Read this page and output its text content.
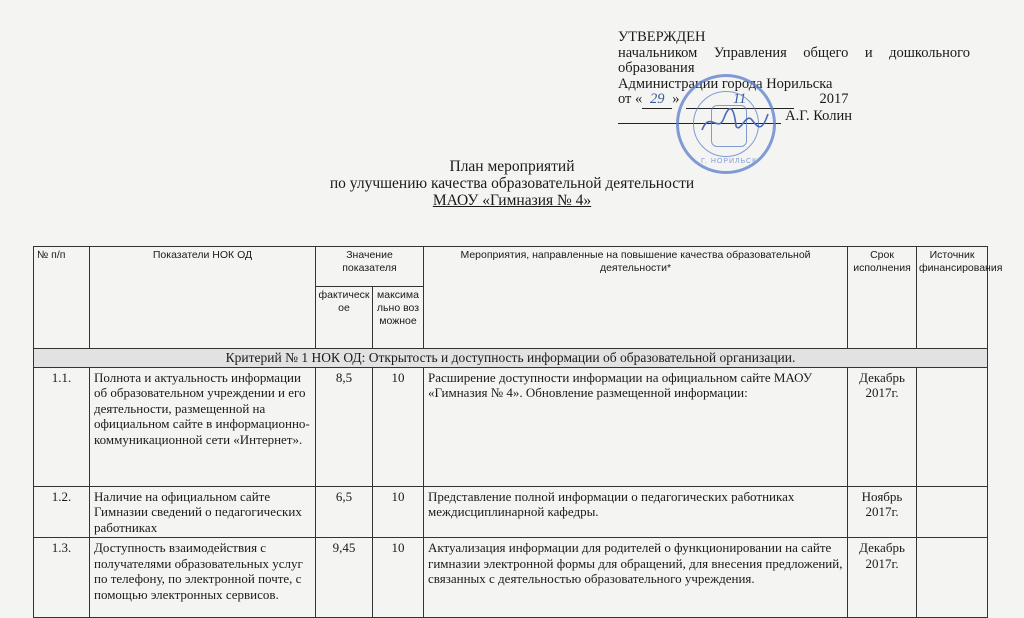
УТВЕРЖДЕН
начальником Управления общего и дошкольного
образования
Администрации города Норильска
от « 29 »	11	2017
А.Г. Колин
Г. НОРИЛЬСК
План мероприятий
по улучшению качества образовательной деятельности
МАОУ «Гимназия № 4»
№ п/п	Показатели НОК ОД	Значение показателя		Мероприятия, направленные на повышение качества образовательной деятельности*	Срок исполнения	Источник финансирования
		фактическое	максимально возможное			
Критерий № 1 НОК ОД: Открытость и доступность информации об образовательной организации.						
1.1.	Полнота и актуальность информации об образовательном учреждении и его деятельности, размещенной на официальном сайте в информационно-коммуникационной сети «Интернет».	8,5	10	Расширение доступности информации на официальном сайте МАОУ «Гимназия № 4». Обновление размещенной информации:	Декабрь 2017г.	
1.2.	Наличие на официальном сайте Гимназии сведений о педагогических работниках	6,5	10	Представление полной информации о педагогических работниках междисциплинарной кафедры.	Ноябрь 2017г.	
1.3.	Доступность взаимодействия с получателями образовательных услуг по телефону, по электронной почте, с помощью электронных сервисов.	9,45	10	Актуализация информации для родителей о функционировании на сайте гимназии электронной формы для обращений, для внесения предложений, связанных с деятельностью образовательного учреждения.	Декабрь 2017г.	
